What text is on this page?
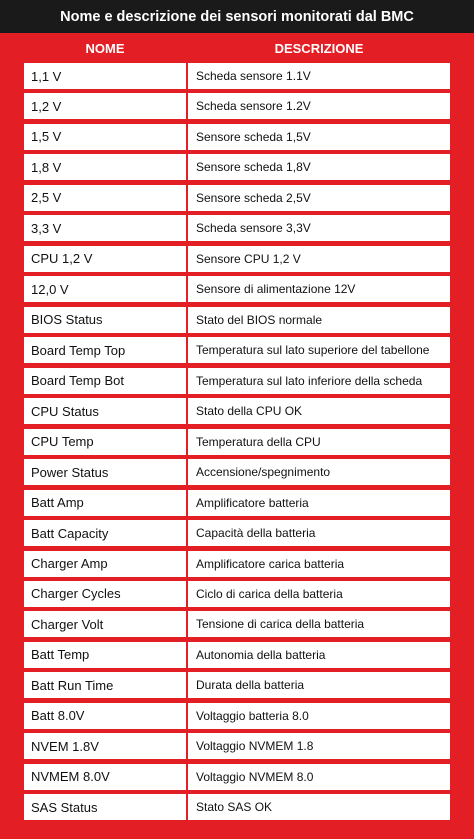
Nome e descrizione dei sensori monitorati dal BMC
NOME	DESCRIZIONE
1,1 V	Scheda sensore 1.1V
1,2 V	Scheda sensore 1.2V
1,5 V	Sensore scheda 1,5V
1,8 V	Sensore scheda 1,8V
2,5 V	Sensore scheda 2,5V
3,3 V	Scheda sensore 3,3V
CPU 1,2 V	Sensore CPU 1,2 V
12,0 V	Sensore di alimentazione 12V
BIOS Status	Stato del BIOS normale
Board Temp Top	Temperatura sul lato superiore del tabellone
Board Temp Bot	Temperatura sul lato inferiore della scheda
CPU Status	Stato della CPU OK
CPU Temp	Temperatura della CPU
Power Status	Accensione/spegnimento
Batt Amp	Amplificatore batteria
Batt Capacity	Capacità della batteria
Charger Amp	Amplificatore carica batteria
Charger Cycles	Ciclo di carica della batteria
Charger Volt	Tensione di carica della batteria
Batt Temp	Autonomia della batteria
Batt Run Time	Durata della batteria
Batt 8.0V	Voltaggio batteria 8.0
NVEM 1.8V	Voltaggio NVMEM 1.8
NVMEM 8.0V	Voltaggio NVMEM 8.0
SAS Status	Stato SAS OK
